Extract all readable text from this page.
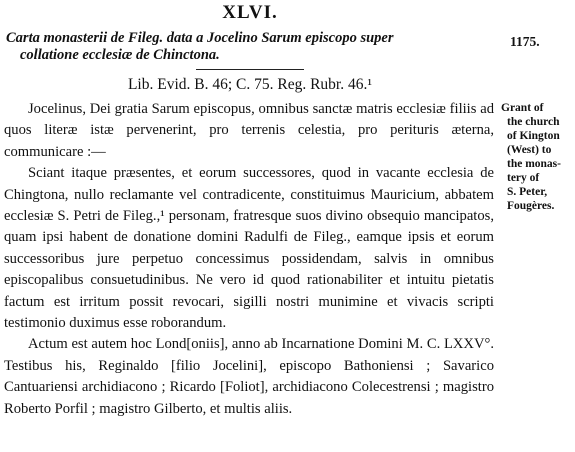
XLVI.

Carta monasterii de Fileg. data a Jocelino Sarum episcopo super

collatione ecclesiæ de Chinctona.

1175.
Lib. Evid. B. 46; C. 75. Reg. Rubr. 46.¹

Jocelinus, Dei gratia Sarum episcopus, omnibus sanctæ matris ecclesiæ filiis ad quos literæ istæ pervenerint, pro terrenis celestia, pro perituris æterna, communicare :—

Sciant itaque præsentes, et eorum successores, quod in vacante ecclesia de Chingtona, nullo reclamante vel contradicente, constituimus Mauricium, abbatem ecclesiæ S. Petri de Fileg.,¹ personam, fratresque suos divino obsequio mancipatos, quam ipsi habent de donatione domini Radulfi de Fileg., eamque ipsis et eorum successoribus jure perpetuo concessimus possidendam, salvis in omnibus episcopalibus consuetudinibus. Ne vero id quod rationabiliter et intuitu pietatis factum est irritum possit revocari, sigilli nostri munimine et vivacis scripti testimonio duximus esse roborandum.

Actum est autem hoc Lond[oniis], anno ab Incarnatione Domini M. C. LXXV°. Testibus his, Reginaldo [filio Jocelini], episcopo Bathoniensi ; Savarico Cantuariensi archidiacono ; Ricardo [Foliot], archidiacono Colecestrensi ; magistro Roberto Porfil ; magistro Gilberto, et multis aliis.

Grant of
the church
of Kington
(West) to
the monas-
tery of
S. Peter,
Fougères.
